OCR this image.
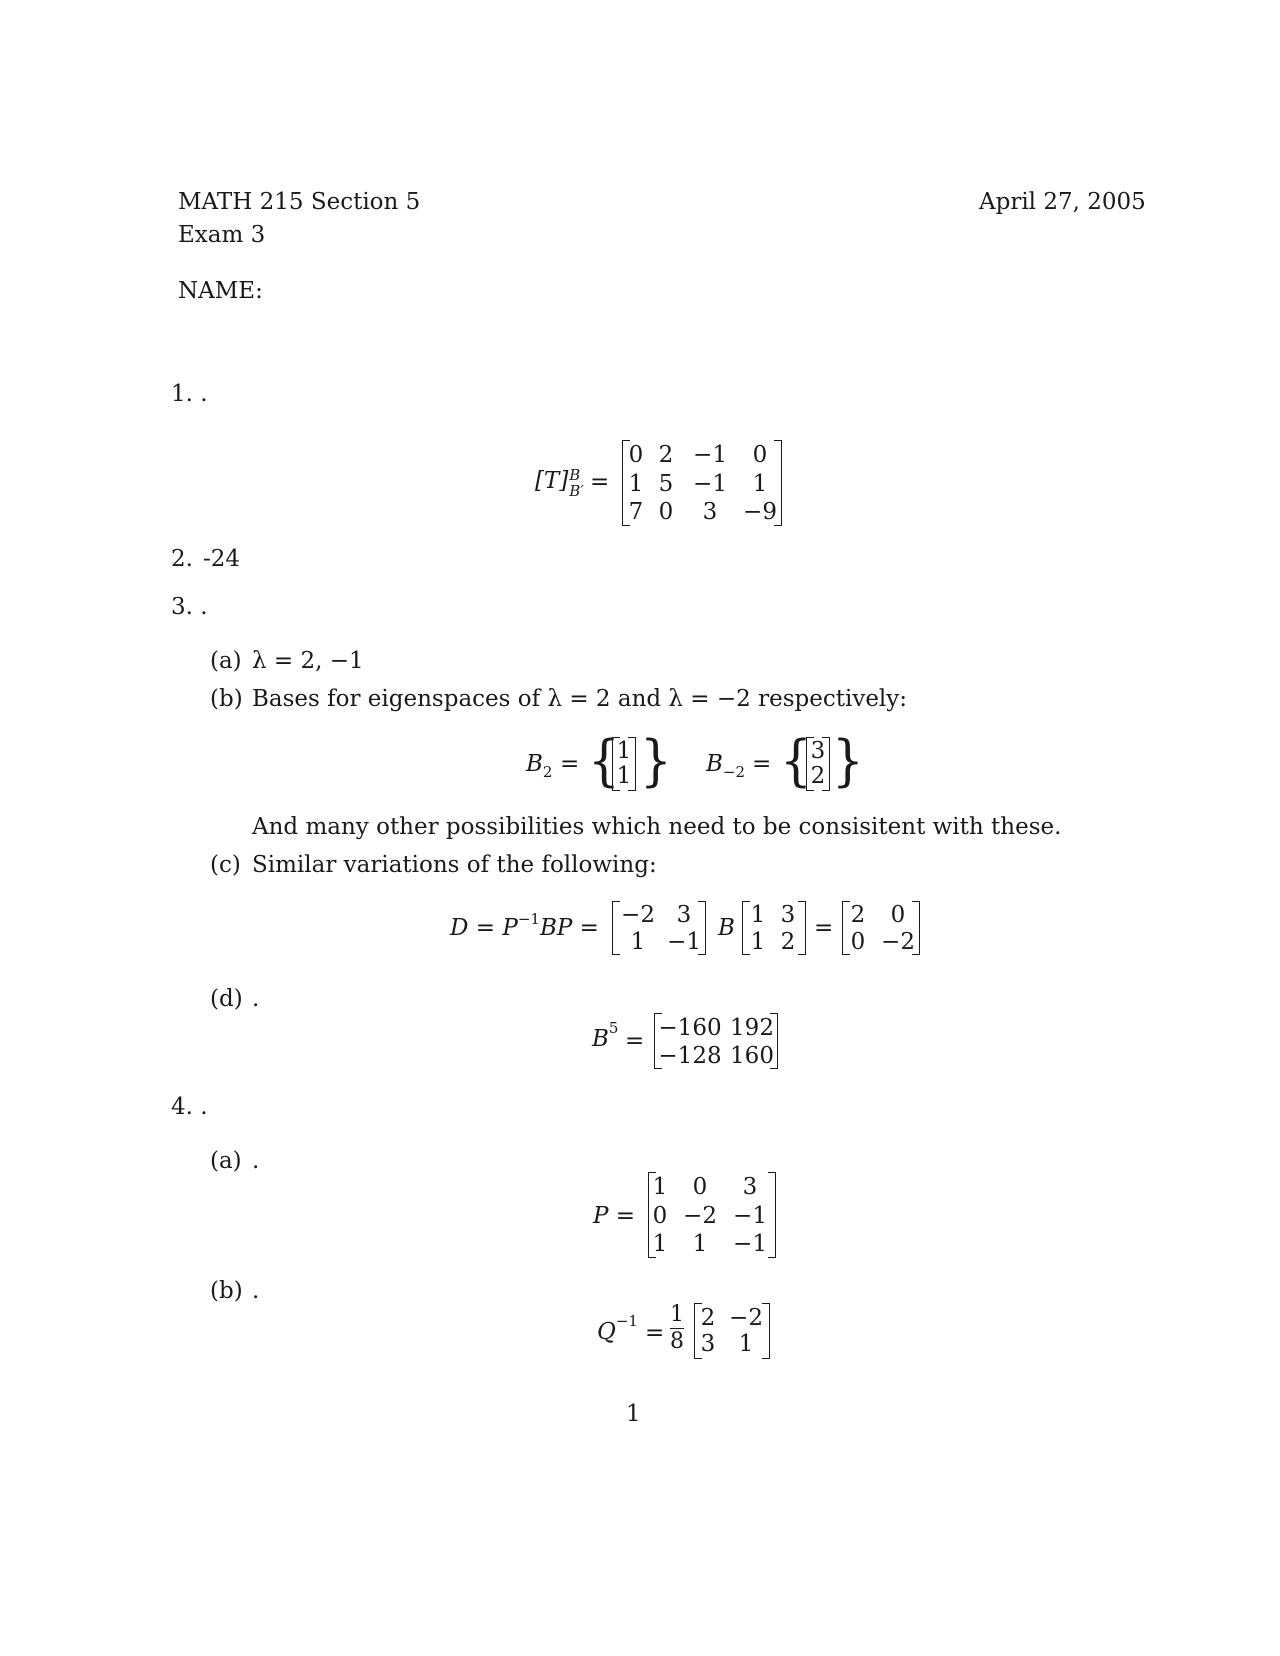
MATH 215 Section 5
Exam 3
April 27, 2005
NAME:
1. .
[T] B
B′ =
0 2 −1 0
1 5 −1 1
7 0 3 −9
2. -24
3. .
(a) λ = 2, −1
(b) Bases for eigenspaces of λ = 2 and λ = −2 respectively:
$B_2$ = {
1
1 } $B_{-2}$ = {
3
2 }
And many other possibilities which need to be consisitent with these.
(c) Similar variations of the following:
$D = P^{-1}BP = -2$ 3
1 −1
B 1 3
1 2
= 2 0
0 −2
(d) .
$B^5 = -160$ 192
−128 160
4. .
(a) .
P =
1 0 3
0 −2 −1
1 1 −1
(b) .
$Q^{-1}$ =
1
8
2 −2
3 1
1
